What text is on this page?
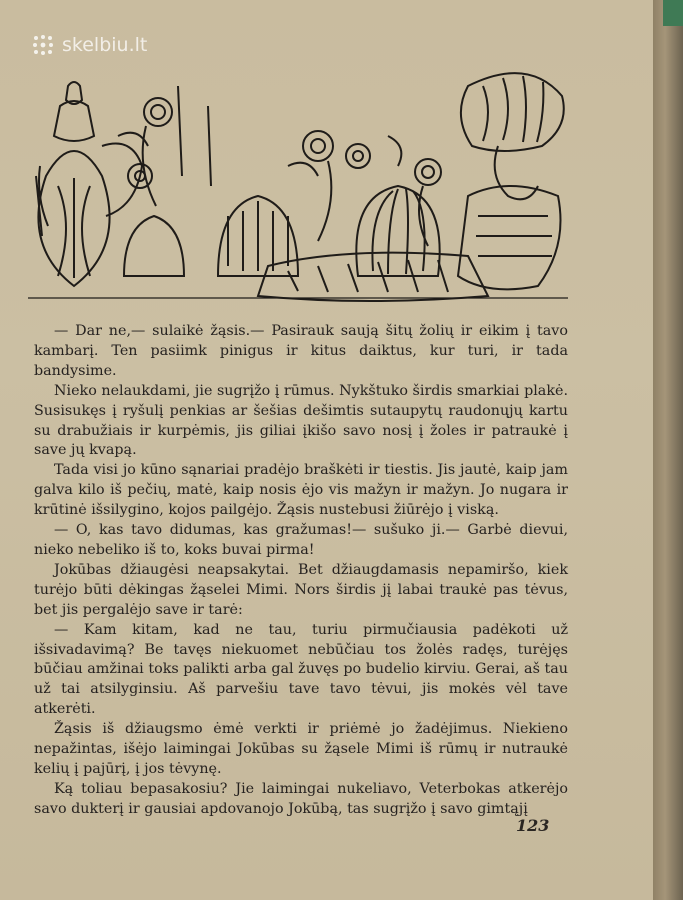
skelbiu.lt

— Dar ne,— sulaikė žąsis.— Pasirauk saują šitų žolių ir eikim į tavo kambarį. Ten pasiimk pinigus ir kitus daiktus, kur turi, ir tada bandysime.

Nieko nelaukdami, jie sugrįžo į rūmus. Nykštuko širdis smarkiai plakė. Susisukęs į ryšulį penkias ar šešias dešimtis sutaupytų raudonųjų kartu su drabužiais ir kurpėmis, jis giliai įkišo savo nosį į žoles ir patraukė į save jų kvapą.

Tada visi jo kūno sąnariai pradėjo braškėti ir tiestis. Jis jautė, kaip jam galva kilo iš pečių, matė, kaip nosis ėjo vis mažyn ir mažyn. Jo nugara ir krūtinė išsilygino, kojos pailgėjo. Žąsis nustebusi žiūrėjo į viską.

— O, kas tavo didumas, kas gražumas!— sušuko ji.— Garbė dievui, nieko nebeliko iš to, koks buvai pirma!

Jokūbas džiaugėsi neapsakytai. Bet džiaugdamasis nepamiršo, kiek turėjo būti dėkingas žąselei Mimi. Nors širdis jį labai traukė pas tėvus, bet jis pergalėjo save ir tarė:

— Kam kitam, kad ne tau, turiu pirmučiausia padėkoti už išsivadavimą? Be tavęs niekuomet nebūčiau tos žolės radęs, turėjęs būčiau amžinai toks palikti arba gal žuvęs po budelio kirviu. Gerai, aš tau už tai atsilyginsiu. Aš parvešiu tave tavo tėvui, jis mokės vėl tave atkerėti.

Žąsis iš džiaugsmo ėmė verkti ir priėmė jo žadėjimus. Niekieno nepažintas, išėjo laimingai Jokūbas su žąsele Mimi iš rūmų ir nutraukė kelių į pajūrį, į jos tėvynę.

Ką toliau bepasakosiu? Jie laimingai nukeliavo, Veterbokas atkerėjo savo dukterį ir gausiai apdovanojo Jokūbą, tas sugrįžo į savo gimtąjį

123
